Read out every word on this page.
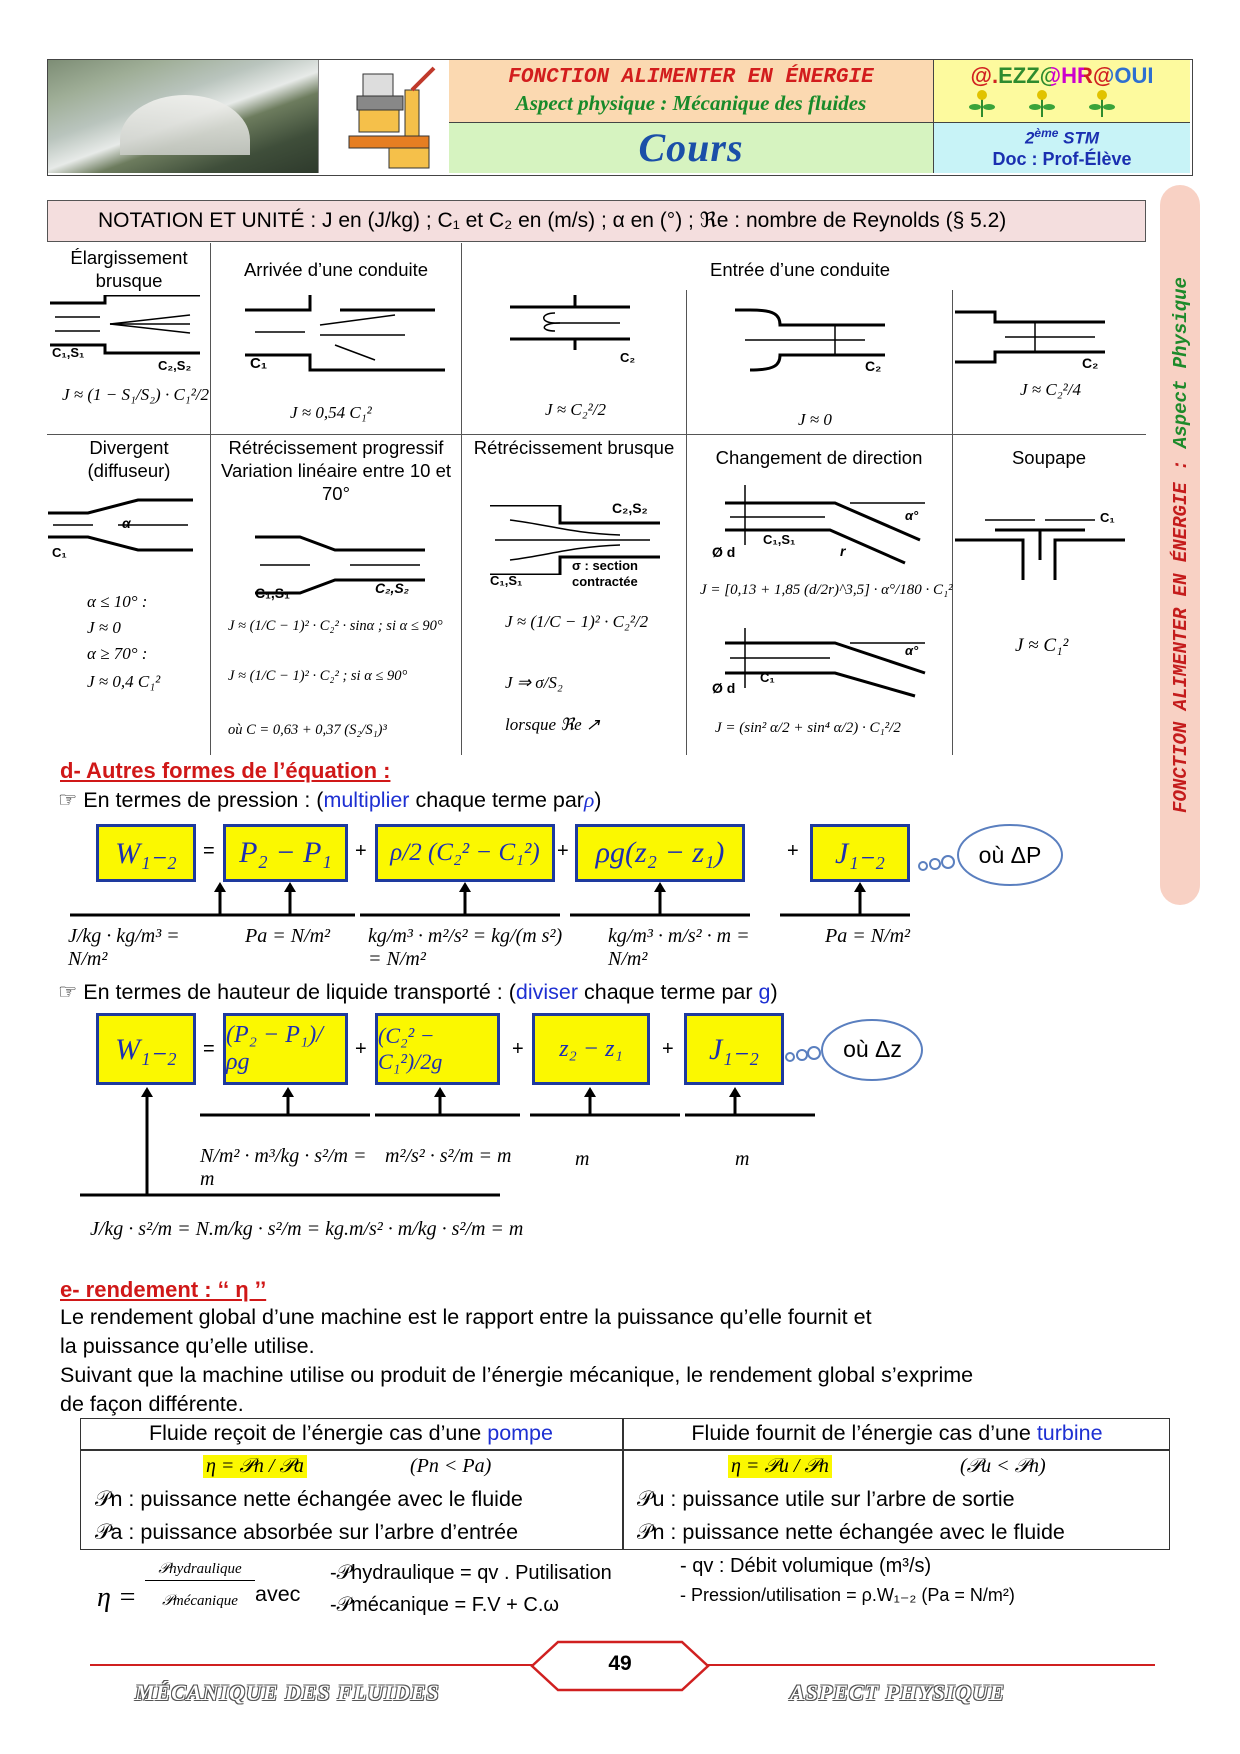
FONCTION ALIMENTER EN ÉNERGIE
Aspect physique : Mécanique des fluides
Cours
@.EZZ@HR@OUI
2ème STM
Doc : Prof-Élève
FONCTION ALIMENTER EN ÉNERGIE : Aspect Physique
NOTATION ET UNITÉ : J en (J/kg) ; C₁ et C₂ en (m/s) ; α en (°) ; ℜe : nombre de Reynolds (§ 5.2)
Élargissement brusque
C₁,S₁
C₂,S₂
J ≈ (1 − S₁/S₂) · C₁²/2
Arrivée d’une conduite
C₁
J ≈ 0,54 C₁²
Entrée d’une conduite
C₂
J ≈ C₂²/2
C₂
J ≈ 0
C₂
J ≈ C₂²/4
Divergent (diffuseur)
C₁
α
α ≤ 10° :
J ≈ 0
α ≥ 70° :
J ≈ 0,4 C₁²
Rétrécissement progressif Variation linéaire entre 10 et 70°
C₁,S₁	C₂,S₂
J ≈ (1/C − 1)² · C₂² · sinα ; si α ≤ 90°
J ≈ (1/C − 1)² · C₂² ; si α ≤ 90°
où C = 0,63 + 0,37 (S₂/S₁)³
Rétrécissement brusque
C₂,S₂
σ : section contractée
C₁,S₁
J ≈ (1/C − 1)² · C₂²/2
J ⇒ σ/S₂
lorsque ℜe ↗
Changement de direction
Ø d
C₁,S₁
r
α°
J = [0,13 + 1,85 (d/2r)^3,5] · α°/180 · C₁²
Ø d
α°
C₁
J = (sin² α/2 + sin⁴ α/2) · C₁²/2
Soupape
C₁
J ≈ C₁²
d- Autres formes de l’équation :
☞ En termes de pression : (multiplier chaque terme parρ)
W₁₋₂	= P₂ − P₁	+ ρ/2 (C₂² − C₁²) + ρg(z₂ − z₁)	+	J₁₋₂	où ΔP
J/kg · kg/m³ = N/m²
Pa = N/m²	kg/m³ · m²/s² = kg/(m s²) = N/m²
kg/m³ · m/s² · m = N/m²
Pa = N/m²
☞ En termes de hauteur de liquide transporté : (diviser chaque terme par g)
W₁₋₂	=
(P₂ − P₁)/ρg	+
(C₂² − C₁²)/2g	+	z₂ − z₁	+	J₁₋₂	où Δz
N/m² · m³/kg · s²/m = m
m²/s² · s²/m = m	m	m
J/kg · s²/m = N.m/kg · s²/m = kg.m/s² · m/kg · s²/m = m
e- rendement : ‘‘ η ’’
Le rendement global d’une machine est le rapport entre la puissance qu’elle fournit et
la puissance qu’elle utilise.
Suivant que la machine utilise ou produit de l’énergie mécanique, le rendement global s’exprime
de façon différente.
Fluide reçoit de l’énergie cas d’une pompe	Fluide fournit de l’énergie cas d’une turbine
η = 𝒫n / 𝒫a	(Pn < Pa)
𝒫n : puissance nette échangée avec le fluide
𝒫a : puissance absorbée sur l’arbre d’entrée
η = 𝒫u / 𝒫n	(𝒫u < 𝒫n)
𝒫u : puissance utile sur l’arbre de sortie
𝒫n : puissance nette échangée avec le fluide
η =
𝒫hydraulique
𝒫mécanique avec
-𝒫hydraulique = qv . Putilisation
-𝒫mécanique = F.V + C.ω
- qv : Débit volumique (m³/s)
- Pression/utilisation = ρ.W₁₋₂ (Pa = N/m²)
49
MÉCANIQUE DES FLUIDES	ASPECT PHYSIQUE
